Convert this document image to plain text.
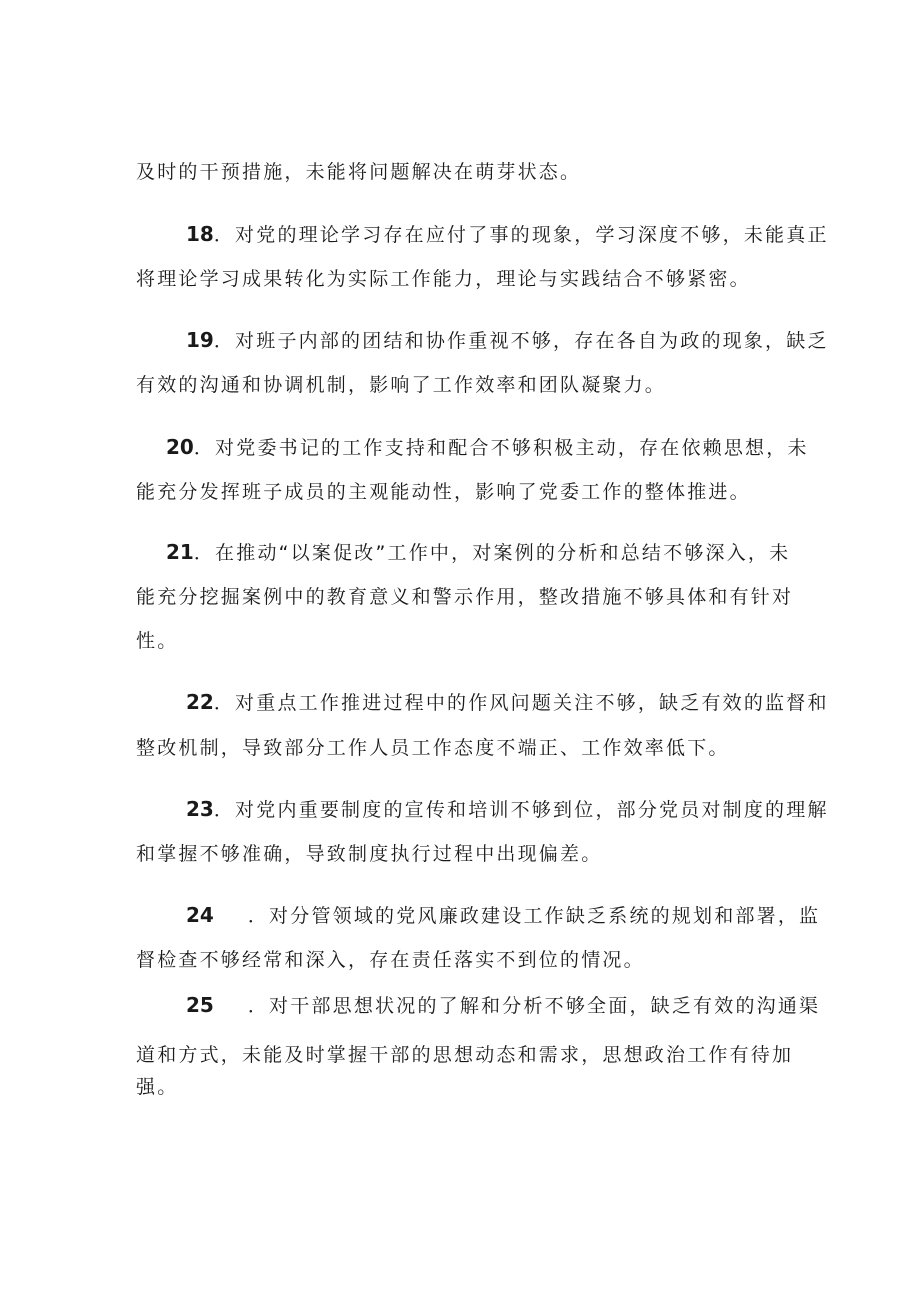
及时的干预措施，未能将问题解决在萌芽状态。
18．对党的理论学习存在应付了事的现象，学习深度不够，未能真正
将理论学习成果转化为实际工作能力，理论与实践结合不够紧密。
19．对班子内部的团结和协作重视不够，存在各自为政的现象，缺乏
有效的沟通和协调机制，影响了工作效率和团队凝聚力。
20．对党委书记的工作支持和配合不够积极主动，存在依赖思想，未
能充分发挥班子成员的主观能动性，影响了党委工作的整体推进。
21．在推动“以案促改”工作中，对案例的分析和总结不够深入，未
能充分挖掘案例中的教育意义和警示作用，整改措施不够具体和有针对
性。
22．对重点工作推进过程中的作风问题关注不够，缺乏有效的监督和
整改机制，导致部分工作人员工作态度不端正、工作效率低下。
23．对党内重要制度的宣传和培训不够到位，部分党员对制度的理解
和掌握不够准确，导致制度执行过程中出现偏差。
24 ．对分管领域的党风廉政建设工作缺乏系统的规划和部署，监
督检查不够经常和深入，存在责任落实不到位的情况。
25 ．对干部思想状况的了解和分析不够全面，缺乏有效的沟通渠
道和方式，未能及时掌握干部的思想动态和需求，思想政治工作有待加
强。
